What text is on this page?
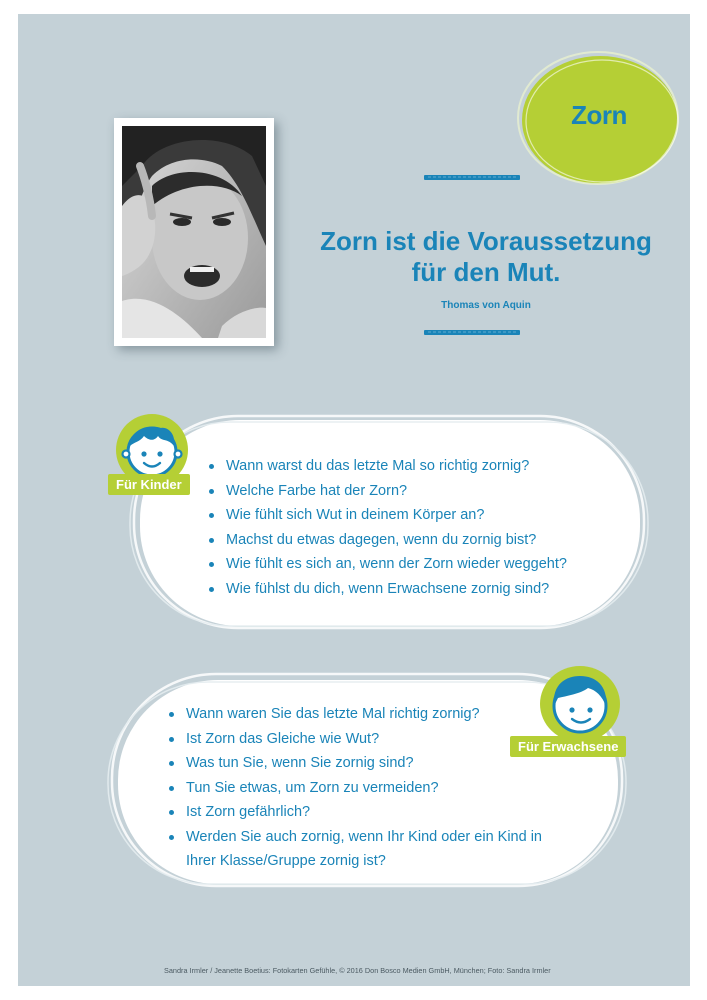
Zorn
Zorn ist die Voraussetzung
für den Mut.
Thomas von Aquin
Wann warst du das letzte Mal so richtig zornig?
Welche Farbe hat der Zorn?
Wie fühlt sich Wut in deinem Körper an?
Machst du etwas dagegen, wenn du zornig bist?
Wie fühlt es sich an, wenn der Zorn wieder weggeht?
Wie fühlst du dich, wenn Erwachsene zornig sind?
Für Kinder
Wann waren Sie das letzte Mal richtig zornig?
Ist Zorn das Gleiche wie Wut?
Was tun Sie, wenn Sie zornig sind?
Tun Sie etwas, um Zorn zu vermeiden?
Ist Zorn gefährlich?
Werden Sie auch zornig, wenn Ihr Kind oder ein Kind in Ihrer Klasse/Gruppe zornig ist?
Für Erwachsene
Sandra Irmler / Jeanette Boetius: Fotokarten Gefühle, © 2016 Don Bosco Medien GmbH, München; Foto: Sandra Irmler
